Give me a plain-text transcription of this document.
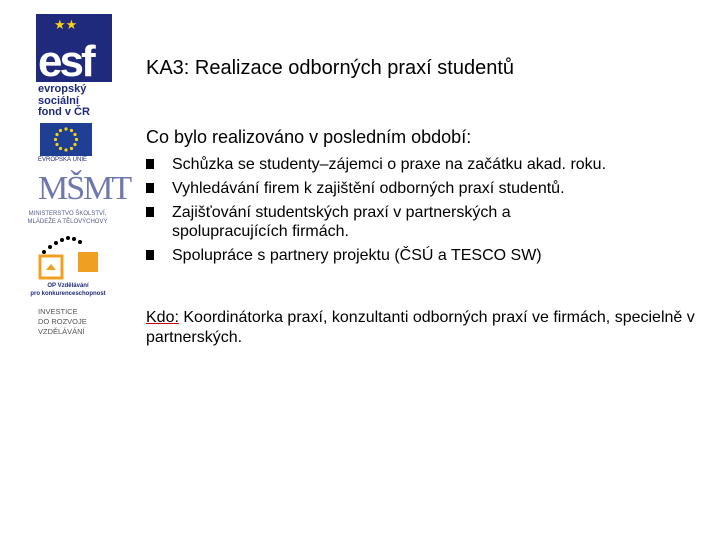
★★
esf
evropský
sociální
fond v ČR
EVROPSKÁ UNIE
MŠMT
MINISTERSTVO ŠKOLSTVÍ,
MLÁDEŽE A TĚLOVÝCHOVY
OP Vzdělávání
pro konkurenceschopnost
INVESTICE
DO ROZVOJE
VZDĚLÁVÁNÍ
KA3: Realizace odborných praxí studentů
Co bylo realizováno v posledním období:
Schůzka se studenty–zájemci o praxe na začátku akad. roku.
Vyhledávání firem k zajištění odborných praxí studentů.
Zajišťování studentských praxí v partnerských a spolupracujících firmách.
Spolupráce s partnery projektu (ČSÚ a TESCO SW)

Kdo: Koordinátorka praxí, konzultanti odborných praxí ve firmách, specielně v partnerských.
